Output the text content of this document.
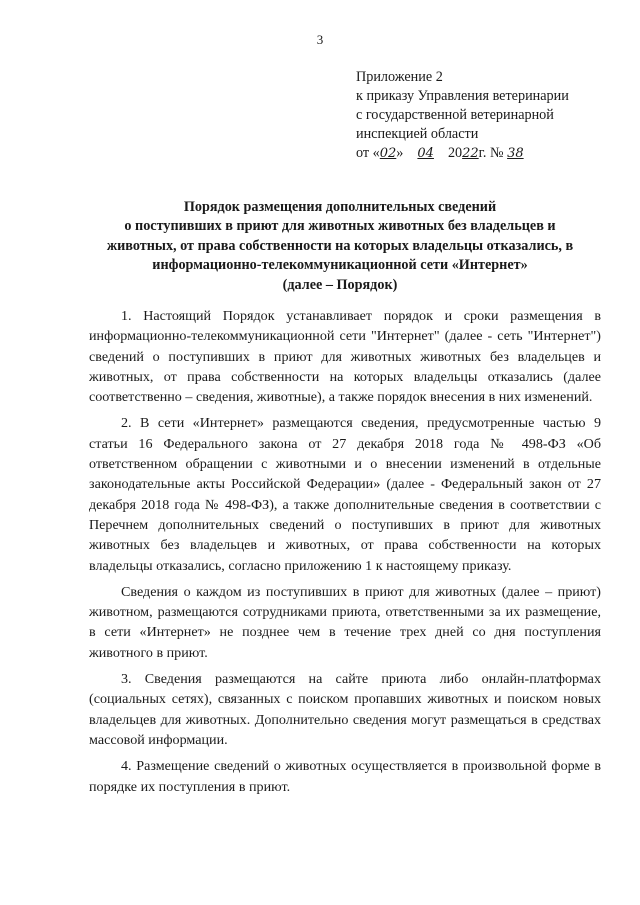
3
Приложение 2
к приказу Управления ветеринарии
с государственной ветеринарной
инспекцией области
от «02» 04 2022г. № 38
Порядок размещения дополнительных сведений
о поступивших в приют для животных животных без владельцев и
животных, от права собственности на которых владельцы отказались, в
информационно-телекоммуникационной сети «Интернет»
(далее – Порядок)

1. Настоящий Порядок устанавливает порядок и сроки размещения в информационно-телекоммуникационной сети "Интернет" (далее - сеть "Интернет") сведений о поступивших в приют для животных животных без владельцев и животных, от права собственности на которых владельцы отказались (далее соответственно – сведения, животные), а также порядок внесения в них изменений.

2. В сети «Интернет» размещаются сведения, предусмотренные частью 9 статьи 16 Федерального закона от 27 декабря 2018 года № 498-ФЗ «Об ответственном обращении с животными и о внесении изменений в отдельные законодательные акты Российской Федерации» (далее - Федеральный закон от 27 декабря 2018 года № 498-ФЗ), а также дополнительные сведения в соответствии с Перечнем дополнительных сведений о поступивших в приют для животных животных без владельцев и животных, от права собственности на которых владельцы отказались, согласно приложению 1 к настоящему приказу.

Сведения о каждом из поступивших в приют для животных (далее – приют) животном, размещаются сотрудниками приюта, ответственными за их размещение, в сети «Интернет» не позднее чем в течение трех дней со дня поступления животного в приют.

3. Сведения размещаются на сайте приюта либо онлайн-платформах (социальных сетях), связанных с поиском пропавших животных и поиском новых владельцев для животных. Дополнительно сведения могут размещаться в средствах массовой информации.

4. Размещение сведений о животных осуществляется в произвольной форме в порядке их поступления в приют.
